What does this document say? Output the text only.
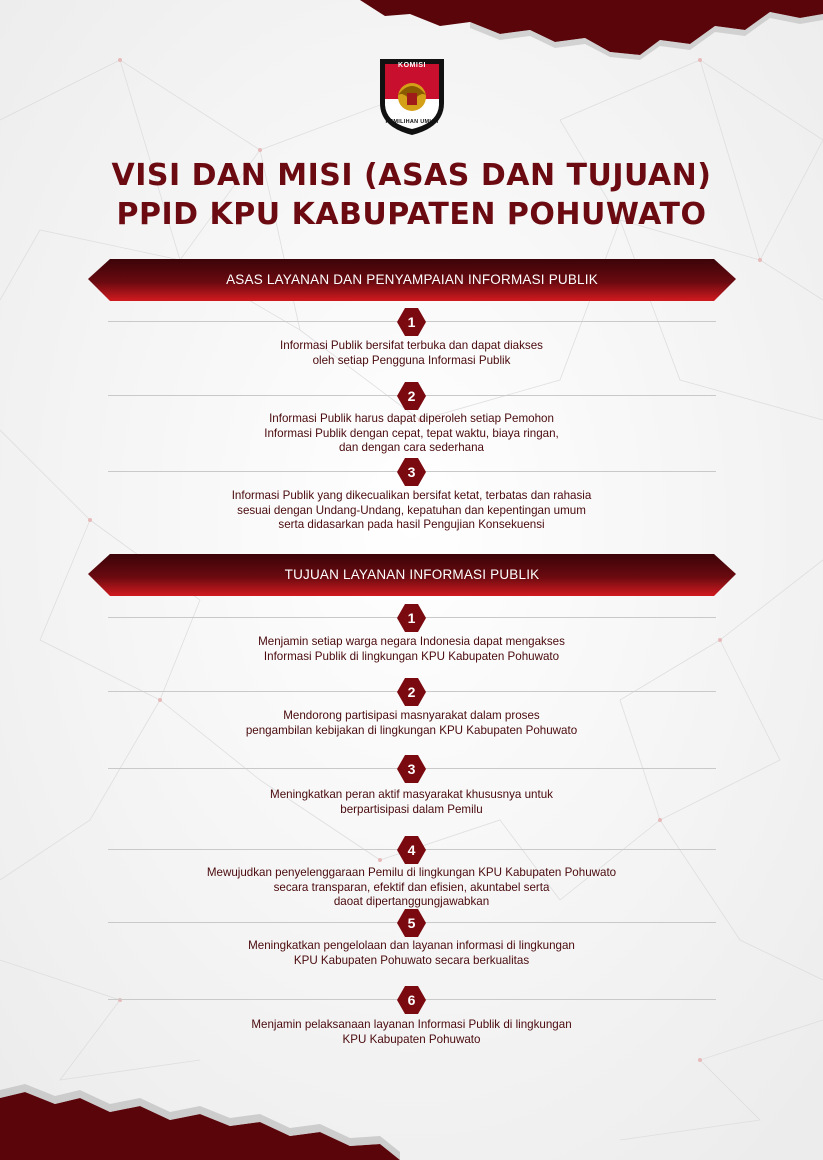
KOMISI
PEMILIHAN UMUM
VISI DAN MISI (ASAS DAN TUJUAN)
PPID KPU KABUPATEN POHUWATO
ASAS LAYANAN DAN PENYAMPAIAN INFORMASI PUBLIK
1
Informasi Publik bersifat terbuka dan dapat diakses
oleh setiap Pengguna Informasi Publik
2
Informasi Publik harus dapat diperoleh setiap Pemohon
Informasi Publik dengan cepat, tepat waktu, biaya ringan,
dan dengan cara sederhana
3
Informasi Publik yang dikecualikan bersifat ketat, terbatas dan rahasia
sesuai dengan Undang-Undang, kepatuhan dan kepentingan umum
serta didasarkan pada hasil Pengujian Konsekuensi
TUJUAN LAYANAN INFORMASI PUBLIK
1
Menjamin setiap warga negara Indonesia dapat mengakses
Informasi Publik di lingkungan KPU Kabupaten Pohuwato
2
Mendorong partisipasi masnyarakat dalam proses
pengambilan kebijakan di lingkungan KPU Kabupaten Pohuwato
3
Meningkatkan peran aktif masyarakat khususnya untuk
berpartisipasi dalam Pemilu
4
Mewujudkan penyelenggaraan Pemilu di lingkungan KPU Kabupaten Pohuwato
secara transparan, efektif dan efisien, akuntabel serta
daoat dipertanggungjawabkan
5
Meningkatkan pengelolaan dan layanan informasi di lingkungan
KPU Kabupaten Pohuwato secara berkualitas
6
Menjamin pelaksanaan layanan Informasi Publik di lingkungan
KPU Kabupaten Pohuwato
